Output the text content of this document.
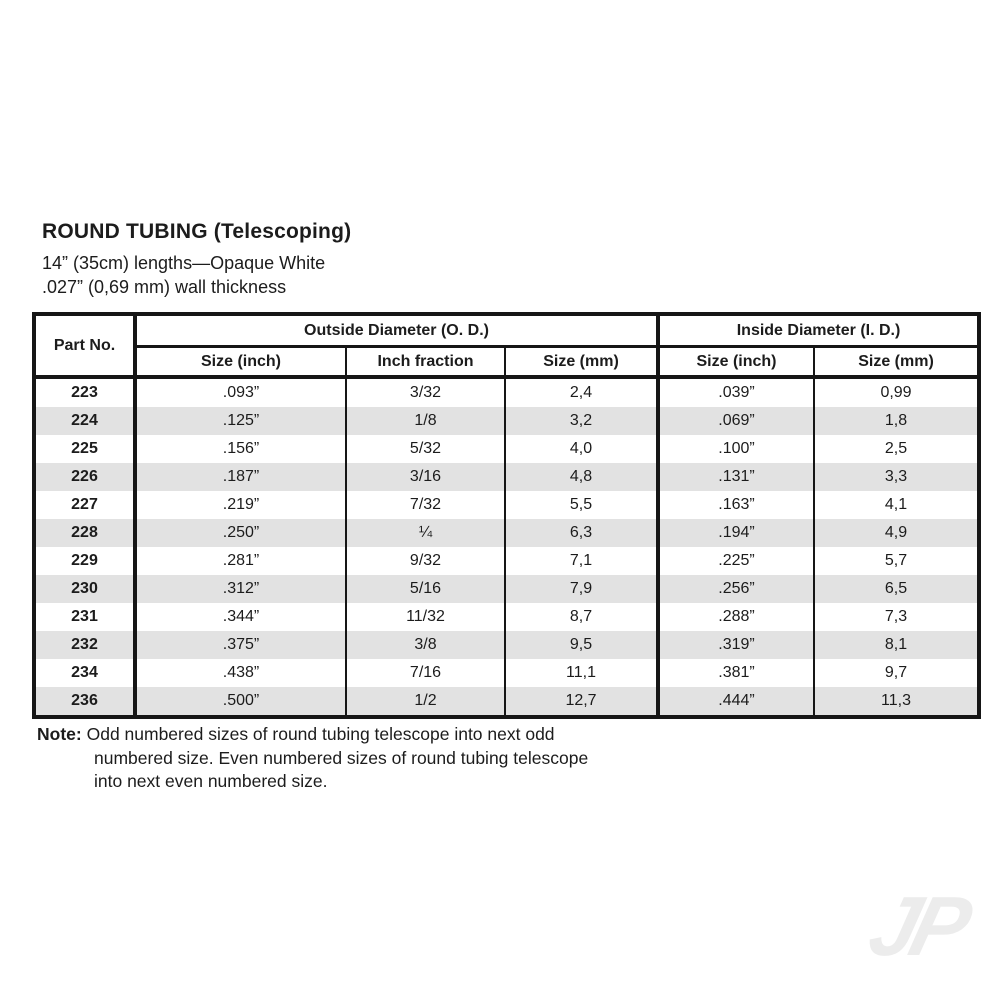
ROUND TUBING (Telescoping)
14” (35cm) lengths—Opaque White
.027” (0,69 mm) wall thickness
Part No.	Outside Diameter (O. D.)			Inside Diameter (I. D.)	
	Size (inch)	Inch fraction	Size (mm)	Size (inch)	Size (mm)
223	.093”	3/32	2,4	.039”	0,99
224	.125”	1/8	3,2	.069”	1,8
225	.156”	5/32	4,0	.100”	2,5
226	.187”	3/16	4,8	.131”	3,3
227	.219”	7/32	5,5	.163”	4,1
228	.250”	¼	6,3	.194”	4,9
229	.281”	9/32	7,1	.225”	5,7
230	.312”	5/16	7,9	.256”	6,5
231	.344”	11/32	8,7	.288”	7,3
232	.375”	3/8	9,5	.319”	8,1
234	.438”	7/16	11,1	.381”	9,7
236	.500”	1/2	12,7	.444”	11,3
Note: Odd numbered sizes of round tubing telescope into next odd
numbered size. Even numbered sizes of round tubing telescope
into next even numbered size.
JP
